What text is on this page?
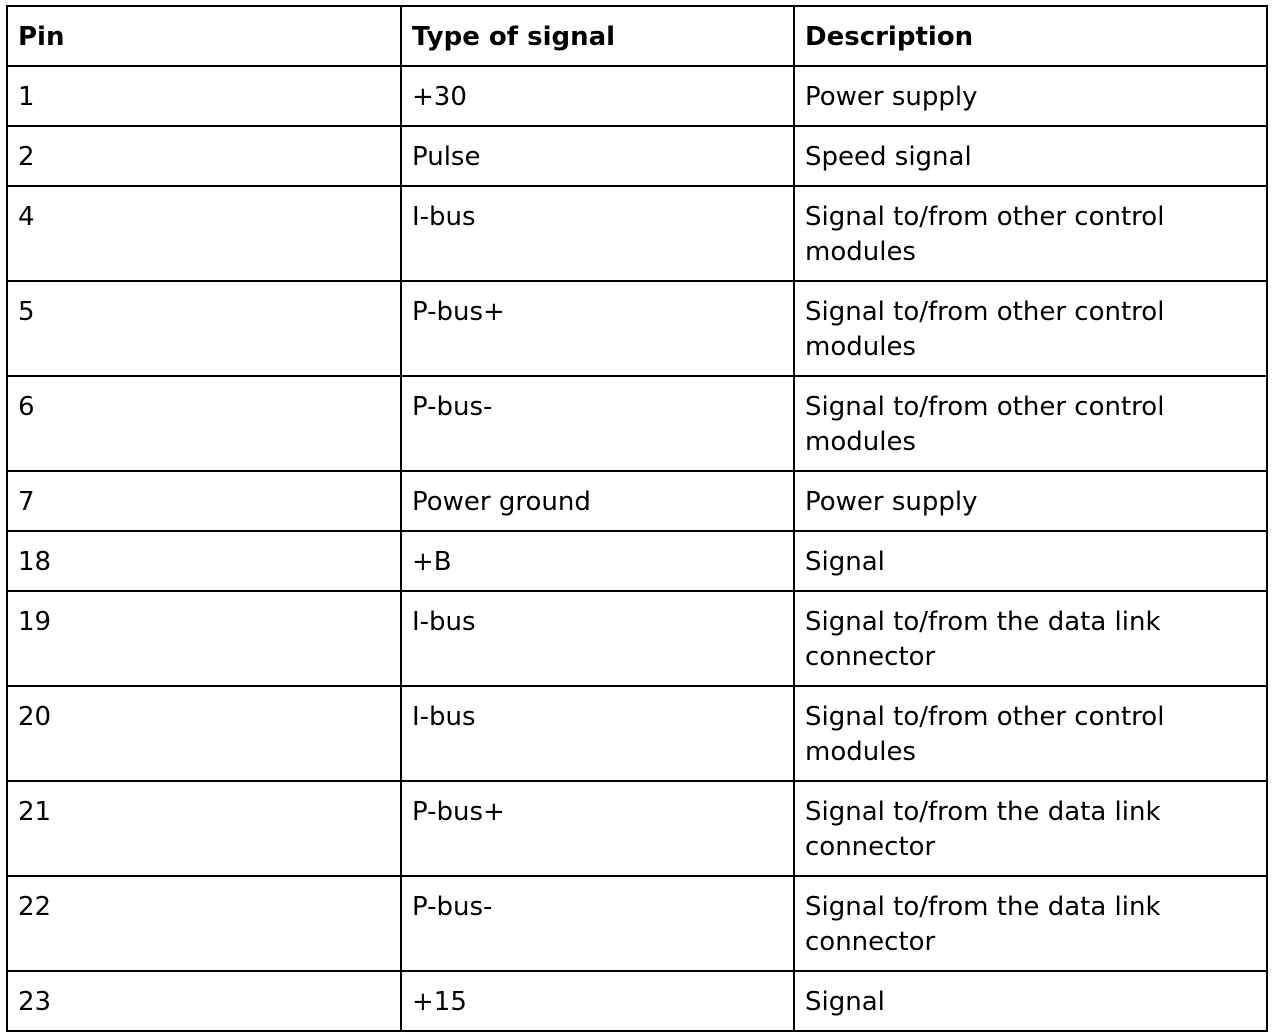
Pin	Type of signal	Description
1	+30	Power supply
2	Pulse	Speed signal
4	I-bus	Signal to/from other control modules
5	P-bus+	Signal to/from other control modules
6	P-bus-	Signal to/from other control modules
7	Power ground	Power supply
18	+B	Signal
19	I-bus	Signal to/from the data link connector
20	I-bus	Signal to/from other control modules
21	P-bus+	Signal to/from the data link connector
22	P-bus-	Signal to/from the data link connector
23	+15	Signal
